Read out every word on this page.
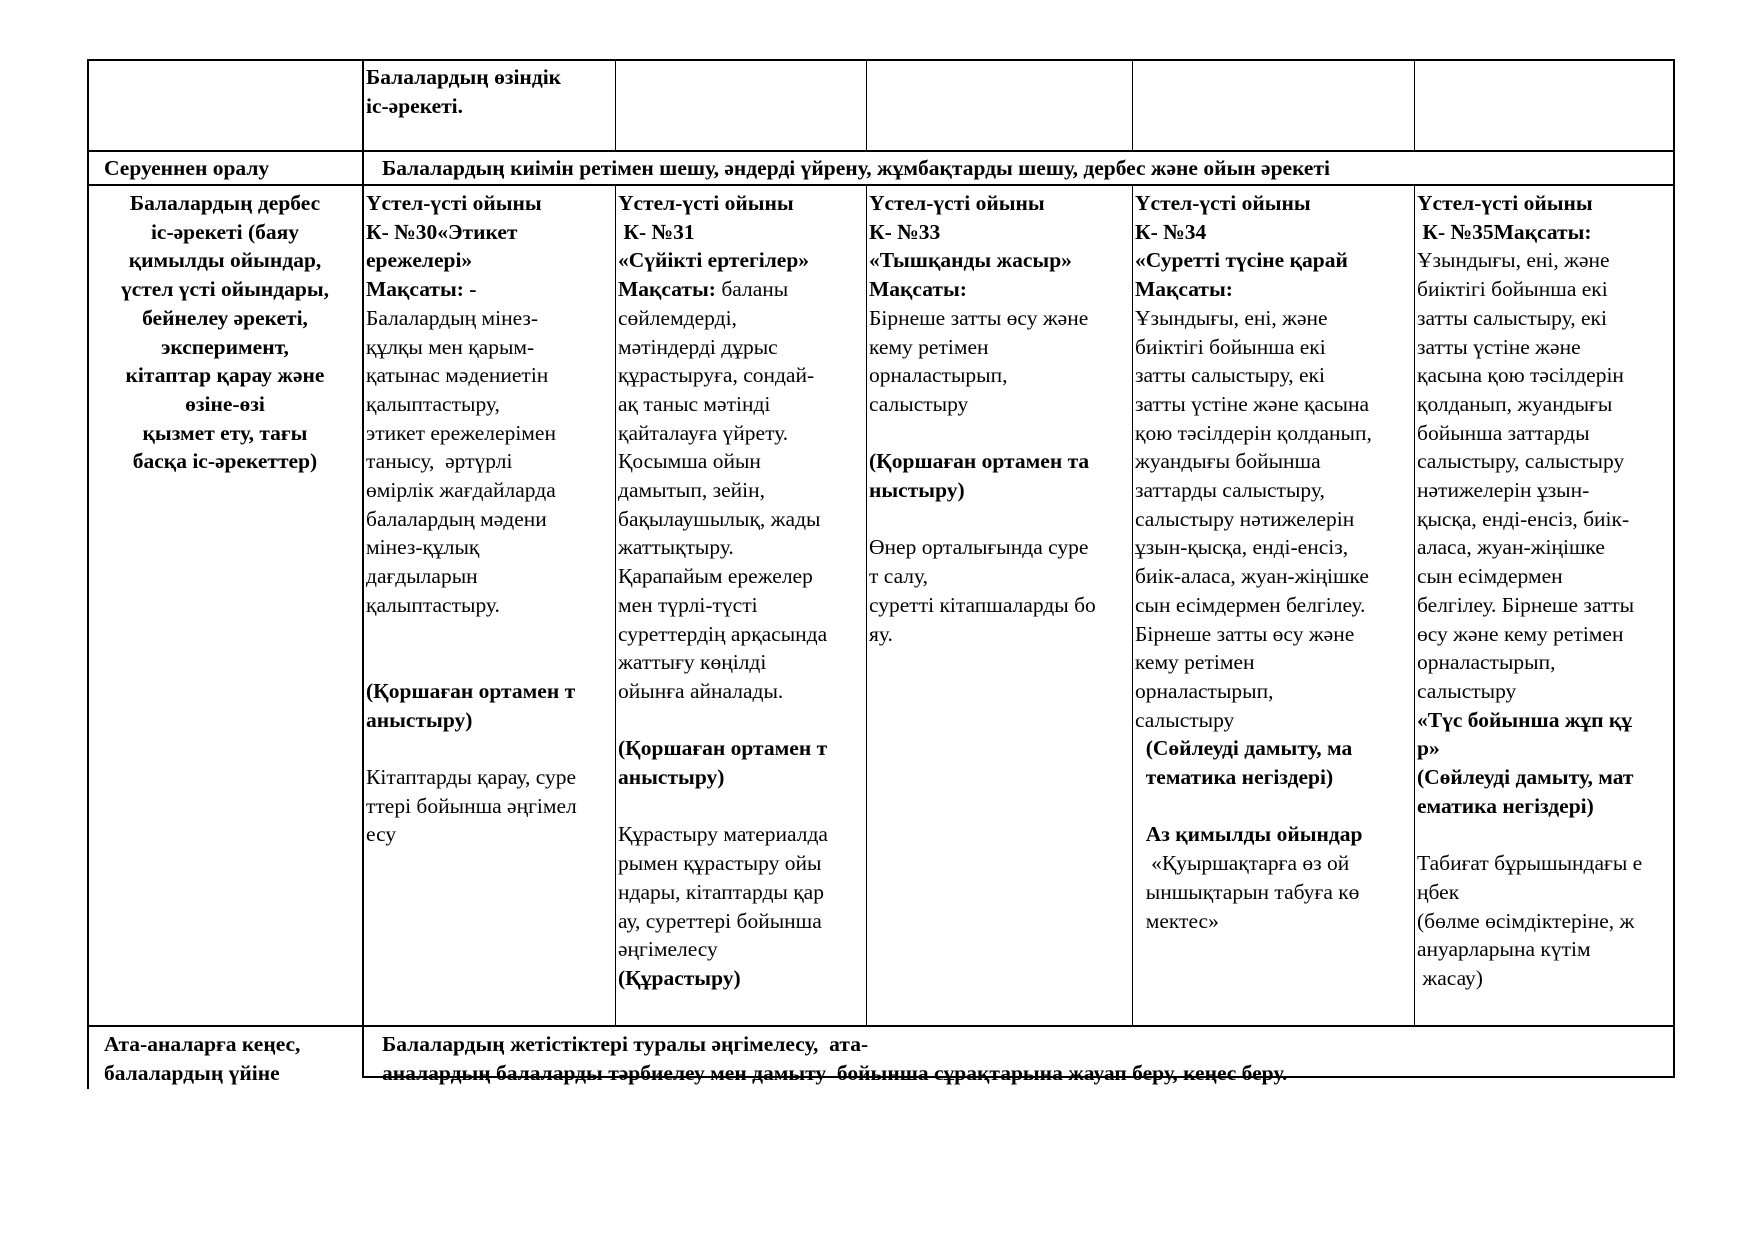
Балалардың өзіндік

іс-әрекеті.

Серуеннен оралу	Балалардың киімін ретімен шешу, әндерді үйрену, жұмбақтарды шешу, дербес және ойын әрекеті

Балалардың дербес

іс-әрекеті (баяу

қимылды ойындар,

үстел үсті ойындары,

бейнелеу әрекеті,

эксперимент,

кітаптар қарау және

өзіне-өзі

қызмет ету, тағы

басқа іс-әрекеттер)

Үстел-үсті ойыны

К- №30«Этикет

ережелері»

Мақсаты: -

Балалардың мінез-

құлқы мен қарым-

қатынас мәдениетін

қалыптастыру,

этикет ережелерімен

танысу,  әртүрлі

өмірлік жағдайларда

балалардың мәдени

мінез-құлық

дағдыларын

қалыптастыру.

(Қоршаған ортамен т

аныстыру)

Кітаптарды қарау, суре

ттері бойынша әңгімел

есу

Үстел-үсті ойыны

К- №31

«Сүйікті ертегілер»

Мақсаты: баланы

сөйлемдерді,

мәтіндерді дұрыс

құрастыруға, сондай-

ақ таныс мәтінді

қайталауға үйрету.

Қосымша ойын

дамытып, зейін,

бақылаушылық, жады

жаттықтыру.

Қарапайым ережелер

мен түрлі-түсті

суреттердің арқасында

жаттығу көңілді

ойынға айналады.

(Қоршаған ортамен т

аныстыру)

Құрастыру материалда

рымен құрастыру ойы

ндары, кітаптарды қар

ау, суреттері бойынша

әңгімелесу

(Құрастыру)

Үстел-үсті ойыны

К- №33

«Тышқанды жасыр»

Мақсаты:

Бірнеше затты өсу және

кему ретімен

орналастырып,

салыстыру

(Қоршаған ортамен та

ныстыру)

Өнер орталығында суре

т салу,

суретті кітапшаларды бо

яу.

Үстел-үсті ойыны

К- №34

«Суретті түсіне қарай

Мақсаты:

Ұзындығы, ені, және

биіктігі бойынша екі

затты салыстыру, екі

затты үстіне және қасына

қою тәсілдерін қолданып,

жуандығы бойынша

заттарды салыстыру,

салыстыру нәтижелерін

ұзын-қысқа, енді-енсіз,

биік-аласа, жуан-жіңішке

сын есімдермен белгілеу.

Бірнеше затты өсу және

кему ретімен

орналастырып,

салыстыру

(Сөйлеуді дамыту, ма

тематика негіздері)

Аз қимылды ойындар

«Қуыршақтарға өз ой

ыншықтарын табуға кө

мектес»

Үстел-үсті ойыны

К- №35Мақсаты:

Ұзындығы, ені, және

биіктігі бойынша екі

затты салыстыру, екі

затты үстіне және

қасына қою тәсілдерін

қолданып, жуандығы

бойынша заттарды

салыстыру, салыстыру

нәтижелерін ұзын-

қысқа, енді-енсіз, биік-

аласа, жуан-жіңішке

сын есімдермен

белгілеу. Бірнеше затты

өсу және кему ретімен

орналастырып,

салыстыру

«Түс бойынша жұп құ

р»

(Сөйлеуді дамыту, мат

ематика негіздері)

Табиғат бұрышындағы е

ңбек

(бөлме өсімдіктеріне, ж

ануарларына күтім

жасау)

Ата-аналарға кеңес,

балалардың үйіне

Балалардың жетістіктері туралы әңгімелесу,  ата-

аналардың балаларды тәрбиелеу мен дамыту  бойынша сұрақтарына жауап беру, кеңес беру.
